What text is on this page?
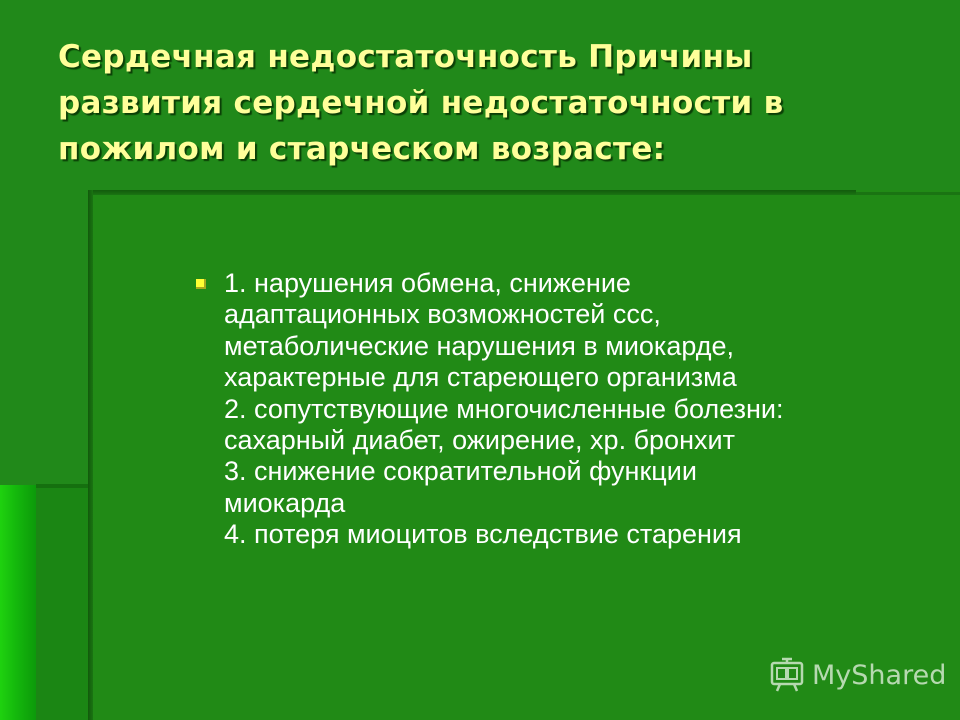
Сердечная недостаточность Причины развития сердечной недостаточности в пожилом и старческом возрасте:
1. нарушения обмена, снижение
адаптационных возможностей ссс,
метаболические нарушения в миокарде,
характерные для стареющего организма
2. сопутствующие многочисленные болезни:
сахарный диабет, ожирение, хр. бронхит
3. снижение сократительной функции
миокарда
4. потеря миоцитов вследствие старения
MyShared
